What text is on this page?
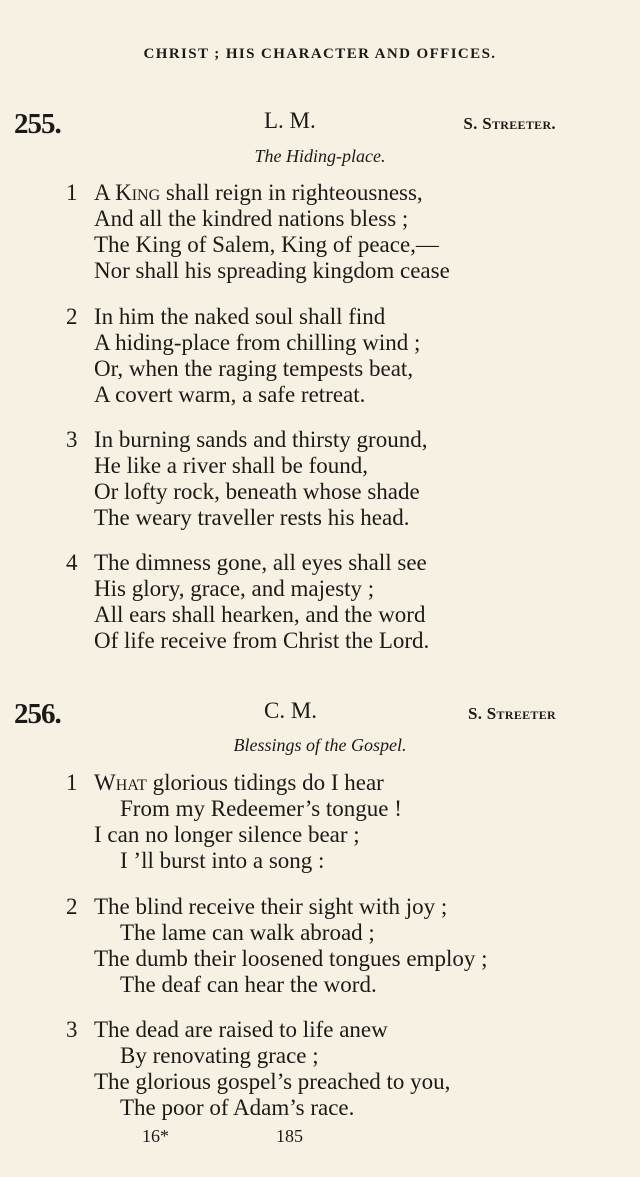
CHRIST ; HIS CHARACTER AND OFFICES.
255.	L. M.	S. Streeter.
The Hiding-place.
1 A King shall reign in righteousness,
And all the kindred nations bless ;
The King of Salem, King of peace,—
Nor shall his spreading kingdom cease
2 In him the naked soul shall find
A hiding-place from chilling wind ;
Or, when the raging tempests beat,
A covert warm, a safe retreat.
3 In burning sands and thirsty ground,
He like a river shall be found,
Or lofty rock, beneath whose shade
The weary traveller rests his head.
4 The dimness gone, all eyes shall see
His glory, grace, and majesty ;
All ears shall hearken, and the word
Of life receive from Christ the Lord.
256.	C. M.	S. Streeter
Blessings of the Gospel.
1 What glorious tidings do I hear
From my Redeemer’s tongue !
I can no longer silence bear ;
I ’ll burst into a song :
2 The blind receive their sight with joy ;
The lame can walk abroad ;
The dumb their loosened tongues employ ;
The deaf can hear the word.
3 The dead are raised to life anew
By renovating grace ;
The glorious gospel’s preached to you,
The poor of Adam’s race.
16*	185
